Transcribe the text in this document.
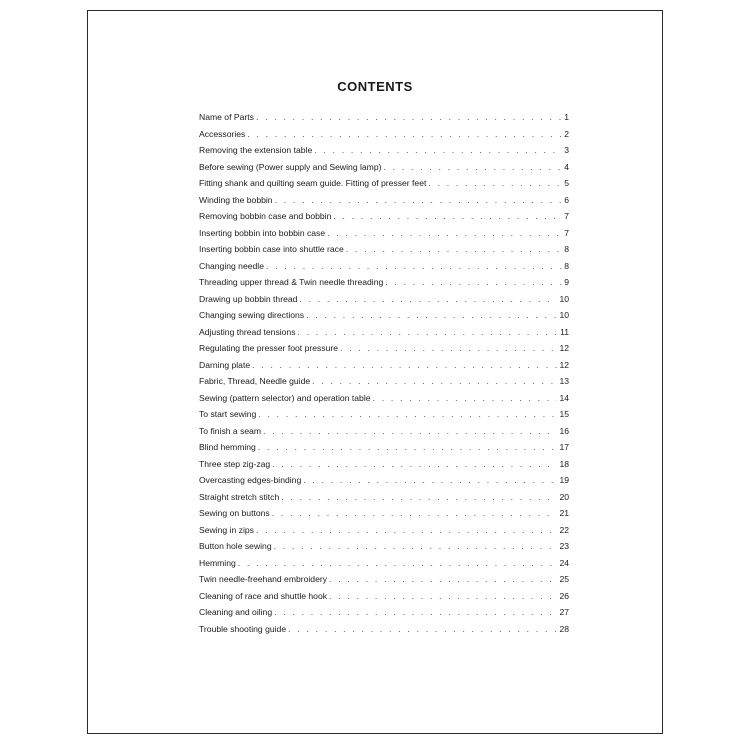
CONTENTS
Name of Parts . . .	1
Accessories . . .	2
Removing the extension table . . .	3
Before sewing (Power supply and Sewing lamp) . . .	4
Fitting shank and quilting seam guide. Fitting of presser feet . . .	5
Winding the bobbin . . .	6
Removing bobbin case and bobbin . . .	7
Inserting bobbin into bobbin case . . .	7
Inserting bobbin case into shuttle race . . .	8
Changing needle . . .	8
Threading upper thread & Twin needle threading . . .	9
Drawing up bobbin thread . . .	10
Changing sewing directions . . .	10
Adjusting thread tensions . . .	11
Regulating the presser foot pressure . . .	12
Darning plate . . .	12
Fabric, Thread, Needle guide . . .	13
Sewing (pattern selector) and operation table . . .	14
To start sewing . . .	15
To finish a seam . . .	16
Blind hemming . . .	17
Three step zig-zag . . .	18
Overcasting edges-binding . . .	19
Straight stretch stitch . . .	20
Sewing on buttons . . .	21
Sewing in zips . . .	22
Button hole sewing . . .	23
Hemming . . .	24
Twin needle-freehand embroidery . . .	25
Cleaning of race and shuttle hook . . .	26
Cleaning and oiling . . .	27
Trouble shooting guide . . .	28
